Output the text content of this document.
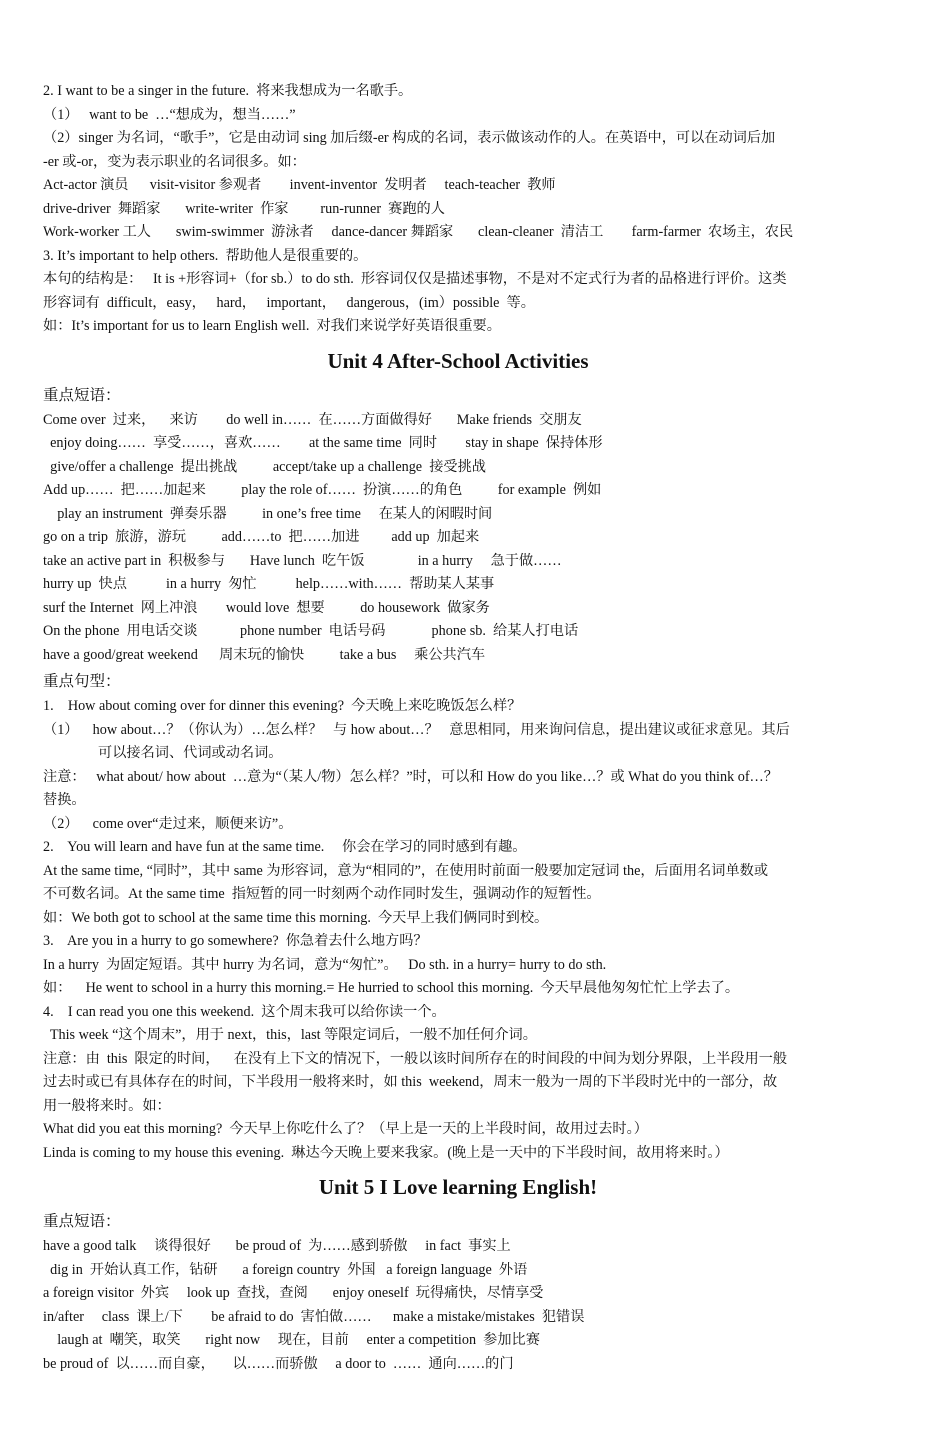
2. I want to be a singer in the future.  将来我想成为一名歌手。
（1）   want to be  …“想成为，想当……”
（2）singer 为名词，“歌手”，它是由动词 sing 加后缀-er 构成的名词，表示做该动作的人。在英语中，可以在动词后加
-er 或-or，变为表示职业的名词很多。如：
Act-actor 演员      visit-visitor 参观者        invent-inventor  发明者     teach-teacher  教师
drive-driver  舞蹈家       write-writer  作家         run-runner  赛跑的人
Work-worker 工人       swim-swimmer  游泳者     dance-dancer 舞蹈家       clean-cleaner  清洁工        farm-farmer  农场主，农民
3. It’s important to help others.  帮助他人是很重要的。
本句的结构是：   It is +形容词+（for sb.）to do sth.  形容词仅仅是描述事物，不是对不定式行为者的品格进行评价。这类
形容词有  difficult，easy，   hard，   important，   dangerous，(im）possible  等。
如：It’s important for us to learn English well.  对我们来说学好英语很重要。
Unit 4 After-School Activities
重点短语：
Come over  过来，    来访        do well in……  在……方面做得好       Make friends  交朋友
enjoy doing……  享受……，喜欢……        at the same time  同时        stay in shape  保持体形
give/offer a challenge  提出挑战          accept/take up a challenge  接受挑战
Add up……  把……加起来          play the role of……  扮演……的角色          for example  例如
play an instrument  弹奏乐器          in one’s free time     在某人的闲暇时间
go on a trip  旅游，游玩          add……to  把……加进         add up  加起来
take an active part in  积极参与       Have lunch  吃午饭               in a hurry     急于做……
hurry up  快点           in a hurry  匆忙           help……with……  帮助某人某事
surf the Internet  网上冲浪        would love  想要          do housework  做家务
On the phone  用电话交谈            phone number  电话号码             phone sb.  给某人打电话
have a good/great weekend      周末玩的愉快          take a bus     乘公共汽车
重点句型：
1.    How about coming over for dinner this evening?  今天晚上来吃晚饭怎么样？
（1）    how about…？（你认为）…怎么样？   与 how about…？   意思相同，用来询问信息，提出建议或征求意见。其后
可以接名词、代词或动名词。
注意：   what about/ how about  …意为“（某人/物）怎么样？”时，可以和 How do you like…？或 What do you think of…？
替换。
（2）    come over“走过来，顺便来访”。
2.    You will learn and have fun at the same time.     你会在学习的同时感到有趣。
At the same time, “同时”，其中 same 为形容词，意为“相同的”，在使用时前面一般要加定冠词 the，后面用名词单数或
不可数名词。At the same time  指短暂的同一时刻两个动作同时发生，强调动作的短暂性。
如：We both got to school at the same time this morning.  今天早上我们俩同时到校。
3.    Are you in a hurry to go somewhere?  你急着去什么地方吗？
In a hurry  为固定短语。其中 hurry 为名词，意为“匆忙”。   Do sth. in a hurry= hurry to do sth.
如：    He went to school in a hurry this morning.= He hurried to school this morning.  今天早晨他匆匆忙忙上学去了。
4.    I can read you one this weekend.  这个周末我可以给你读一个。
This week “这个周末”，用于 next，this，last 等限定词后，一般不加任何介词。
注意：由  this  限定的时间，    在没有上下文的情况下，一般以该时间所存在的时间段的中间为划分界限，上半段用一般
过去时或已有具体存在的时间，下半段用一般将来时，如 this  weekend，周末一般为一周的下半段时光中的一部分，故
用一般将来时。如：
What did you eat this morning?  今天早上你吃什么了？（早上是一天的上半段时间，故用过去时。）
Linda is coming to my house this evening.  琳达今天晚上要来我家。(晚上是一天中的下半段时间，故用将来时。）
Unit 5 I Love learning English!
重点短语：
have a good talk     谈得很好       be proud of  为……感到骄傲     in fact  事实上
dig in  开始认真工作，钻研       a foreign country  外国   a foreign language  外语
a foreign visitor  外宾     look up  查找，查阅       enjoy oneself  玩得痛快，尽情享受
in/after     class  课上/下        be afraid to do  害怕做……      make a mistake/mistakes  犯错误
laugh at  嘲笑，取笑       right now     现在，目前     enter a competition  参加比赛
be proud of  以……而自豪，     以……而骄傲     a door to  ……  通向……的门
